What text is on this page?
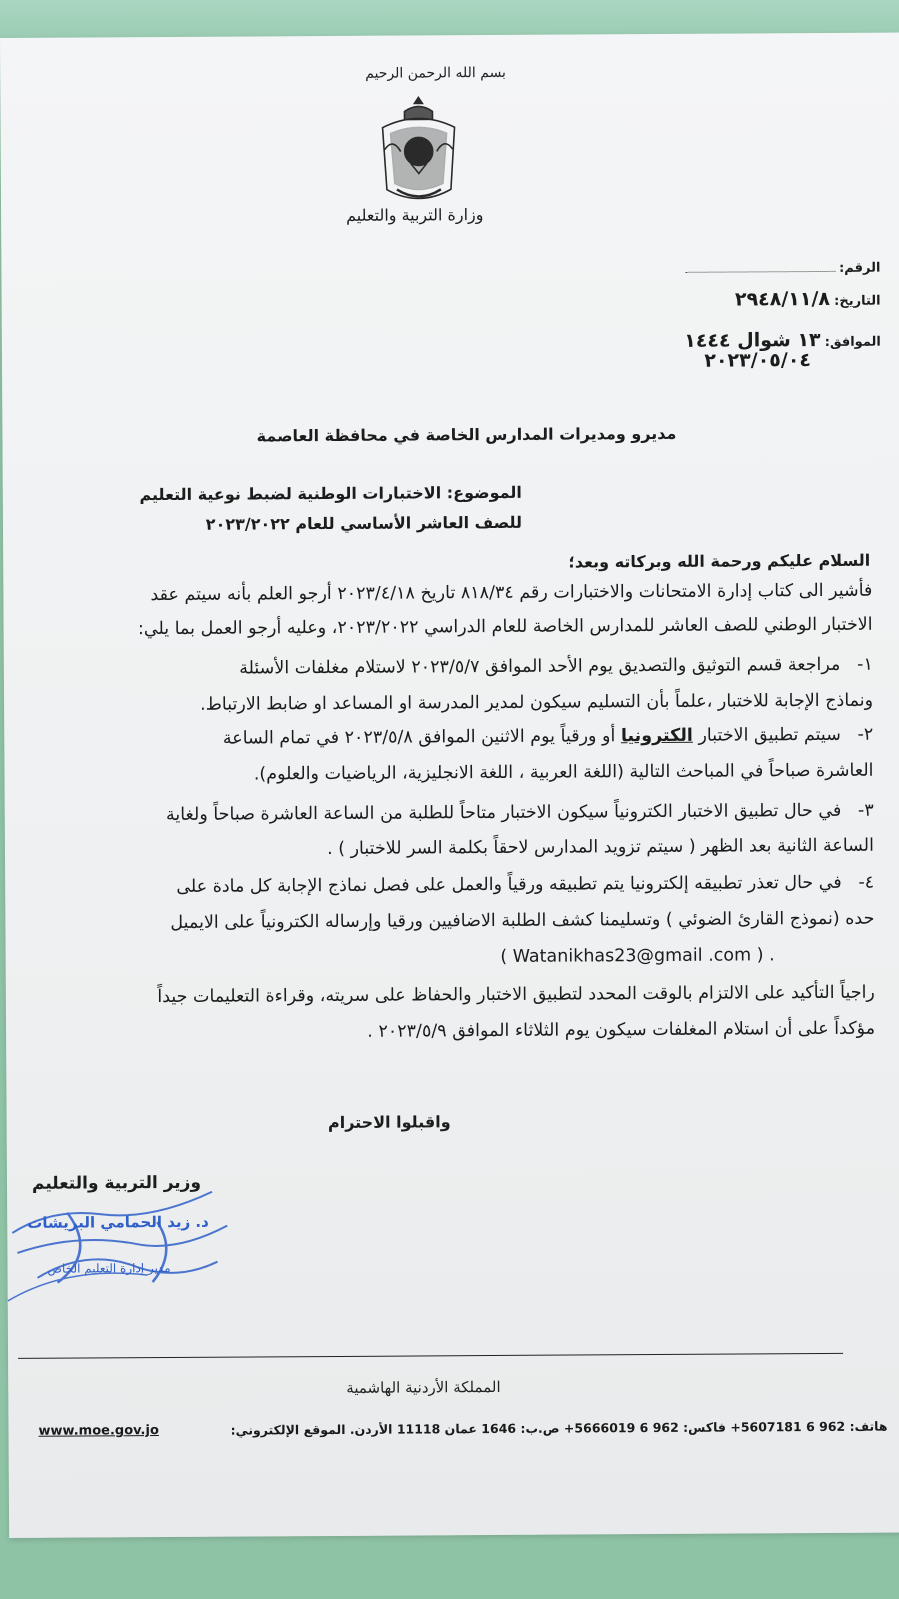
بسم الله الرحمن الرحيم
وزارة التربية والتعليم
الرقم:
التاريخ: ٢٩٤٨/١١/٨
الموافق: ١٣ شوال ١٤٤٤
٢٠٢٣/٠٥/٠٤
مديرو ومديرات المدارس الخاصة في محافظة العاصمة
الموضوع: الاختبارات الوطنية لضبط نوعية التعليم
للصف العاشر الأساسي للعام ٢٠٢٣/٢٠٢٢
السلام عليكم ورحمة الله وبركاته وبعد؛
فأشير الى كتاب إدارة الامتحانات والاختبارات رقم ٨١٨/٣٤ تاريخ ٢٠٢٣/٤/١٨ أرجو العلم بأنه سيتم عقد
الاختبار الوطني للصف العاشر للمدارس الخاصة للعام الدراسي ٢٠٢٣/٢٠٢٢، وعليه أرجو العمل بما يلي:
١-   مراجعة قسم التوثيق والتصديق يوم الأحد الموافق ٢٠٢٣/٥/٧ لاستلام مغلفات الأسئلة
ونماذج الإجابة للاختبار ،علماً بأن التسليم سيكون لمدير المدرسة او المساعد او ضابط الارتباط.
٢-   سيتم تطبيق الاختبار الكترونيا أو ورقياً يوم الاثنين الموافق ٢٠٢٣/٥/٨ في تمام الساعة
العاشرة صباحاً في المباحث التالية (اللغة العربية ، اللغة الانجليزية، الرياضيات والعلوم).
٣-   في حال تطبيق الاختبار الكترونياً سيكون الاختبار متاحاً للطلبة من الساعة العاشرة صباحاً ولغاية
الساعة الثانية بعد الظهر ( سيتم تزويد المدارس لاحقاً بكلمة السر للاختبار ) .
٤-   في حال تعذر تطبيقه إلكترونيا يتم تطبيقه ورقياً والعمل على فصل نماذج الإجابة كل مادة على
حده (نموذج القارئ الضوئي ) وتسليمنا كشف الطلبة الاضافيين ورقيا وإرساله الكترونياً على الايميل
. ( Watanikhas23@gmail .com )
راجياً التأكيد على الالتزام بالوقت المحدد لتطبيق الاختبار والحفاظ على سريته، وقراءة التعليمات جيداً
مؤكداً على أن استلام المغلفات سيكون يوم الثلاثاء الموافق ٢٠٢٣/٥/٩ .
واقبلوا الاحترام
وزير التربية والتعليم
د. زيد الحمامي البريشات
مدير إدارة التعليم الخاص
المملكة الأردنية الهاشمية
هاتف: 962 6 5607181+ فاكس: 962 6 5666019+ ص.ب: 1646 عمان 11118 الأردن. الموقع الإلكتروني:
www.moe.gov.jo
